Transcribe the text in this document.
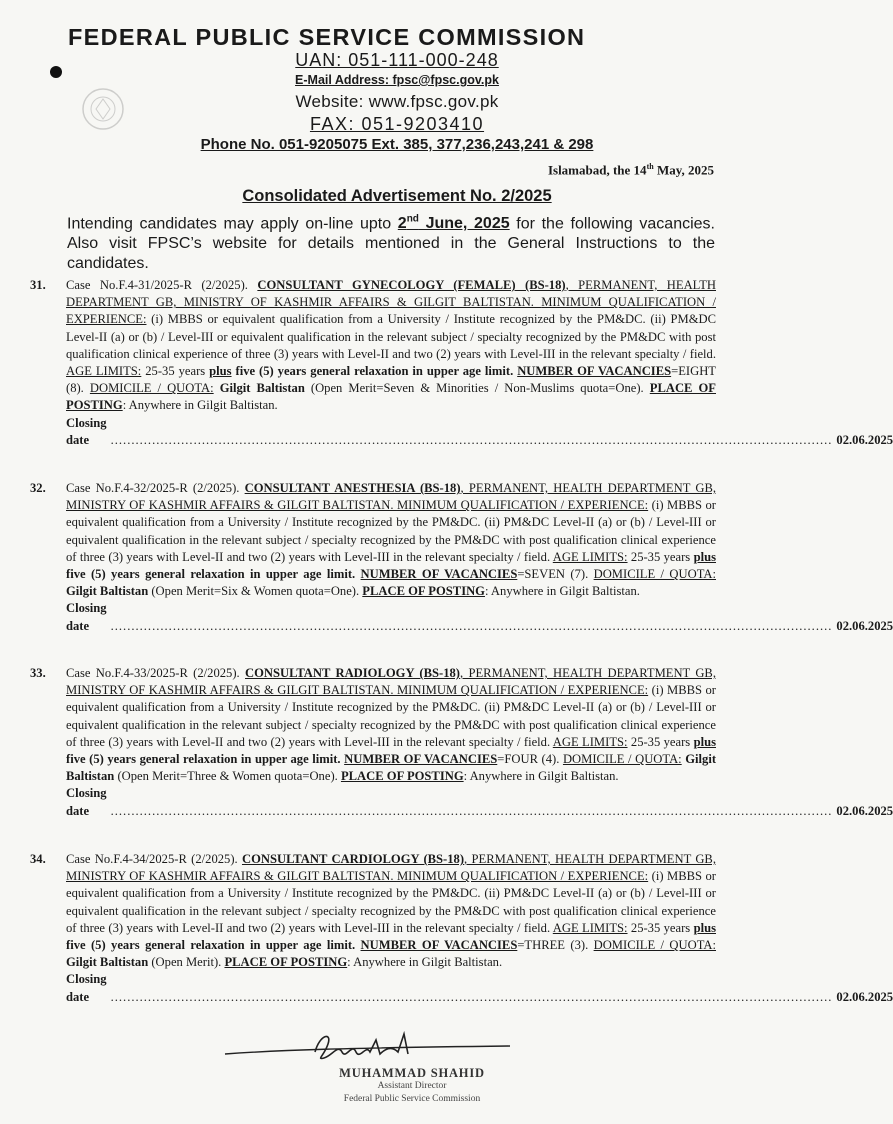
FEDERAL PUBLIC SERVICE COMMISSION
UAN: 051-111-000-248
E-Mail Address: fpsc@fpsc.gov.pk
Website: www.fpsc.gov.pk
FAX: 051-9203410
Phone No. 051-9205075 Ext. 385, 377,236,243,241 & 298
Islamabad, the 14th May, 2025
Consolidated Advertisement No. 2/2025
Intending candidates may apply on-line upto 2nd June, 2025 for the following vacancies. Also visit FPSC’s website for details mentioned in the General Instructions to the candidates.
31.	Case No.F.4-31/2025-R (2/2025). CONSULTANT GYNECOLOGY (FEMALE) (BS-18), PERMANENT, HEALTH DEPARTMENT GB, MINISTRY OF KASHMIR AFFAIRS & GILGIT BALTISTAN. MINIMUM QUALIFICATION / EXPERIENCE: (i) MBBS or equivalent qualification from a University / Institute recognized by the PM&DC. (ii) PM&DC Level-II (a) or (b) / Level-III or equivalent qualification in the relevant subject / specialty recognized by the PM&DC with post qualification clinical experience of three (3) years with Level-II and two (2) years with Level-III in the relevant specialty / field. AGE LIMITS: 25-35 years plus five (5) years general relaxation in upper age limit. NUMBER OF VACANCIES=EIGHT (8). DOMICILE / QUOTA: Gilgit Baltistan (Open Merit=Seven & Minorities / Non-Muslims quota=One). PLACE OF POSTING: Anywhere in Gilgit Baltistan.
Closing date	.............................................................................................................................................................................. 02.06.2025
32.	Case No.F.4-32/2025-R (2/2025). CONSULTANT ANESTHESIA (BS-18), PERMANENT, HEALTH DEPARTMENT GB, MINISTRY OF KASHMIR AFFAIRS & GILGIT BALTISTAN. MINIMUM QUALIFICATION / EXPERIENCE: (i) MBBS or equivalent qualification from a University / Institute recognized by the PM&DC. (ii) PM&DC Level-II (a) or (b) / Level-III or equivalent qualification in the relevant subject / specialty recognized by the PM&DC with post qualification clinical experience of three (3) years with Level-II and two (2) years with Level-III in the relevant specialty / field. AGE LIMITS: 25-35 years plus five (5) years general relaxation in upper age limit. NUMBER OF VACANCIES=SEVEN (7). DOMICILE / QUOTA: Gilgit Baltistan (Open Merit=Six & Women quota=One). PLACE OF POSTING: Anywhere in Gilgit Baltistan.
Closing date	.............................................................................................................................................................................. 02.06.2025
33.	Case No.F.4-33/2025-R (2/2025). CONSULTANT RADIOLOGY (BS-18), PERMANENT, HEALTH DEPARTMENT GB, MINISTRY OF KASHMIR AFFAIRS & GILGIT BALTISTAN. MINIMUM QUALIFICATION / EXPERIENCE: (i) MBBS or equivalent qualification from a University / Institute recognized by the PM&DC. (ii) PM&DC Level-II (a) or (b) / Level-III or equivalent qualification in the relevant subject / specialty recognized by the PM&DC with post qualification clinical experience of three (3) years with Level-II and two (2) years with Level-III in the relevant specialty / field. AGE LIMITS: 25-35 years plus five (5) years general relaxation in upper age limit. NUMBER OF VACANCIES=FOUR (4). DOMICILE / QUOTA: Gilgit Baltistan (Open Merit=Three & Women quota=One). PLACE OF POSTING: Anywhere in Gilgit Baltistan.
Closing date	.............................................................................................................................................................................. 02.06.2025
34.	Case No.F.4-34/2025-R (2/2025). CONSULTANT CARDIOLOGY (BS-18), PERMANENT, HEALTH DEPARTMENT GB, MINISTRY OF KASHMIR AFFAIRS & GILGIT BALTISTAN. MINIMUM QUALIFICATION / EXPERIENCE: (i) MBBS or equivalent qualification from a University / Institute recognized by the PM&DC. (ii) PM&DC Level-II (a) or (b) / Level-III or equivalent qualification in the relevant subject / specialty recognized by the PM&DC with post qualification clinical experience of three (3) years with Level-II and two (2) years with Level-III in the relevant specialty / field. AGE LIMITS: 25-35 years plus five (5) years general relaxation in upper age limit. NUMBER OF VACANCIES=THREE (3). DOMICILE / QUOTA: Gilgit Baltistan (Open Merit). PLACE OF POSTING: Anywhere in Gilgit Baltistan.
Closing date	.............................................................................................................................................................................. 02.06.2025
MUHAMMAD SHAHID
Assistant Director
Federal Public Service Commission
